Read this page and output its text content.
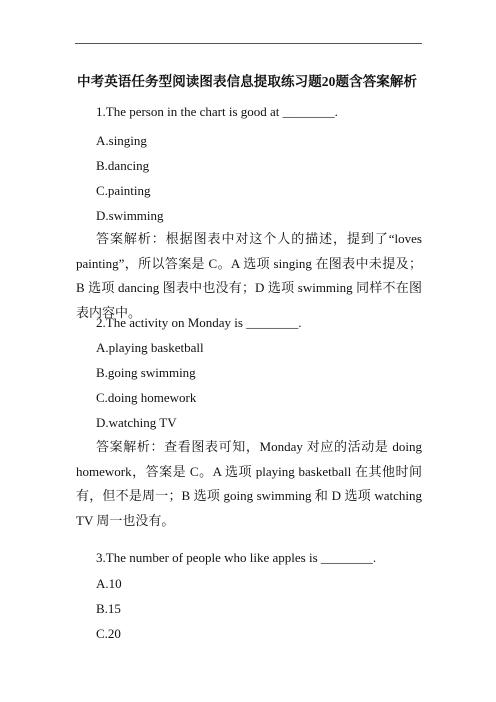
中考英语任务型阅读图表信息提取练习题20题含答案解析
1.The person in the chart is good at ________.
A.singing
B.dancing
C.painting
D.swimming
答案解析：根据图表中对这个人的描述，提到了“loves painting”，所以答案是 C。A 选项 singing 在图表中未提及；B 选项 dancing 图表中也没有；D 选项 swimming 同样不在图表内容中。
2.The activity on Monday is ________.
A.playing basketball
B.going swimming
C.doing homework
D.watching TV
答案解析：查看图表可知，Monday 对应的活动是 doing homework，答案是 C。A 选项 playing basketball 在其他时间有，但不是周一；B 选项 going swimming 和 D 选项 watching TV 周一也没有。
3.The number of people who like apples is ________.
A.10
B.15
C.20
